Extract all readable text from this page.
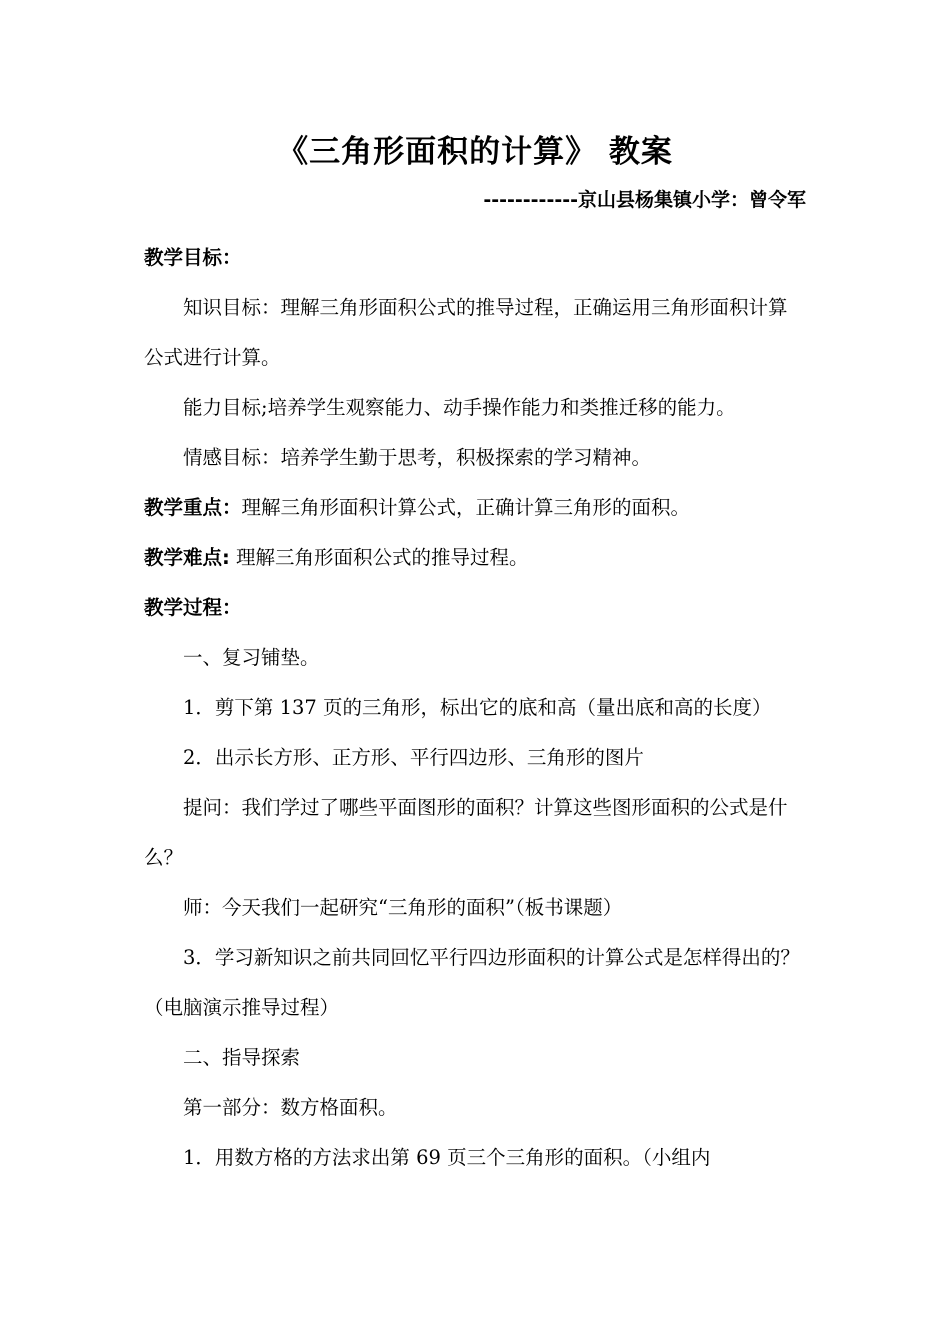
《三角形面积的计算》 教案
------------京山县杨集镇小学：曾令军

教学目标：

知识目标：理解三角形面积公式的推导过程，正确运用三角形面积计算公式进行计算。

能力目标;培养学生观察能力、动手操作能力和类推迁移的能力。

情感目标：培养学生勤于思考，积极探索的学习精神。

教学重点：理解三角形面积计算公式，正确计算三角形的面积。

教学难点: 理解三角形面积公式的推导过程。

教学过程：

一、复习铺垫。

1．剪下第 137 页的三角形，标出它的底和高（量出底和高的长度）

2．出示长方形、正方形、平行四边形、三角形的图片

提问：我们学过了哪些平面图形的面积？计算这些图形面积的公式是什么？

师：今天我们一起研究“三角形的面积”（板书课题）

3．学习新知识之前共同回忆平行四边形面积的计算公式是怎样得出的？（电脑演示推导过程）

二、指导探索

第一部分：数方格面积。

1．用数方格的方法求出第 69 页三个三角形的面积。（小组内
